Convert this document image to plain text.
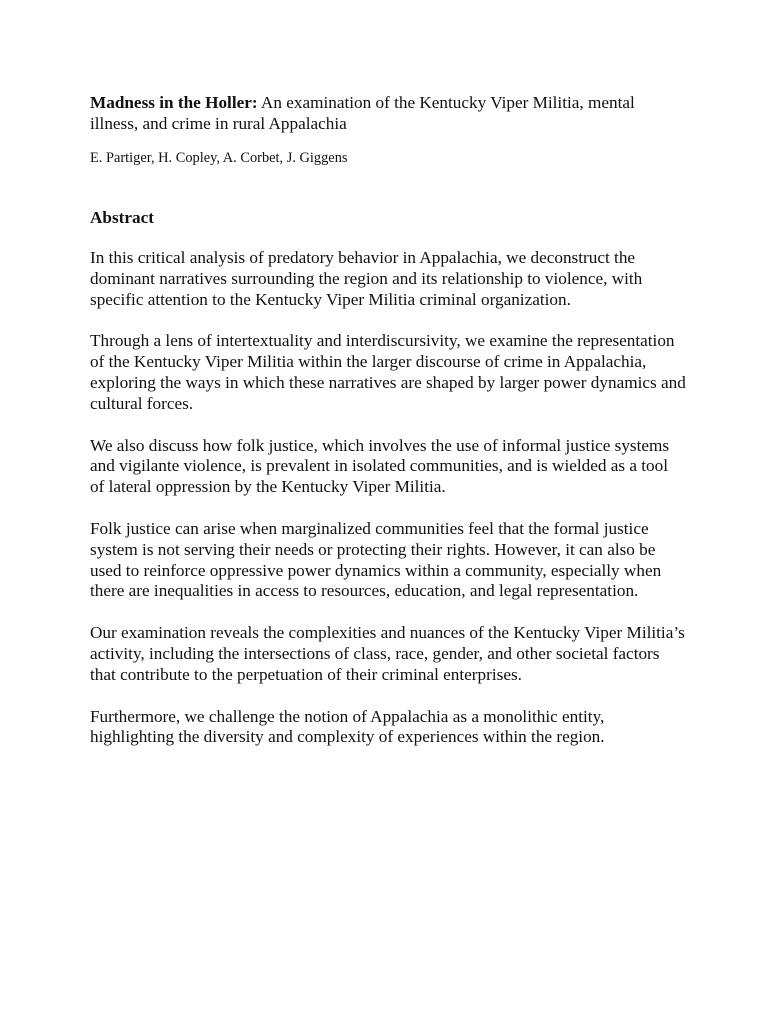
Madness in the Holler: An examination of the Kentucky Viper Militia, mental illness, and crime in rural Appalachia

E. Partiger, H. Copley, A. Corbet, J. Giggens

Abstract

In this critical analysis of predatory behavior in Appalachia, we deconstruct the dominant narratives surrounding the region and its relationship to violence, with specific attention to the Kentucky Viper Militia criminal organization.

Through a lens of intertextuality and interdiscursivity, we examine the representation of the Kentucky Viper Militia within the larger discourse of crime in Appalachia, exploring the ways in which these narratives are shaped by larger power dynamics and cultural forces.

We also discuss how folk justice, which involves the use of informal justice systems and vigilante violence, is prevalent in isolated communities, and is wielded as a tool of lateral oppression by the Kentucky Viper Militia.

Folk justice can arise when marginalized communities feel that the formal justice system is not serving their needs or protecting their rights. However, it can also be used to reinforce oppressive power dynamics within a community, especially when there are inequalities in access to resources, education, and legal representation.

Our examination reveals the complexities and nuances of the Kentucky Viper Militia’s activity, including the intersections of class, race, gender, and other societal factors that contribute to the perpetuation of their criminal enterprises.

Furthermore, we challenge the notion of Appalachia as a monolithic entity, highlighting the diversity and complexity of experiences within the region.
